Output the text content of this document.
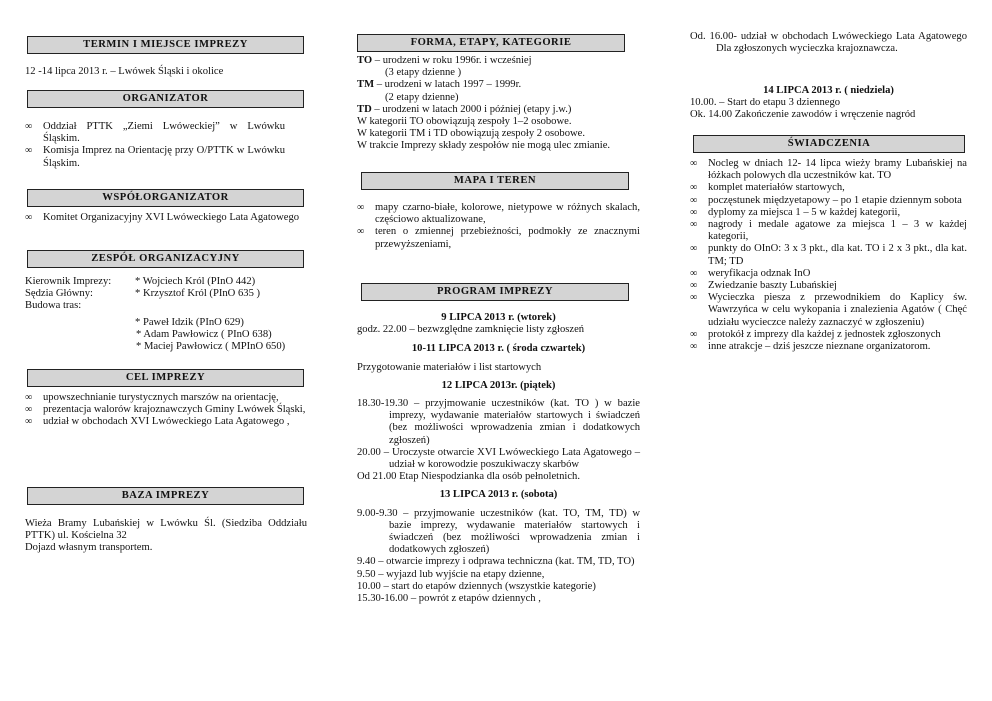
TERMIN I MIEJSCE IMPREZY
12 -14 lipca 2013 r. – Lwówek Śląski i okolice
ORGANIZATOR
∞ Oddział PTTK „Ziemi Lwóweckiej” w Lwówku Śląskim.
∞ Komisja Imprez na Orientację przy O/PTTK w Lwówku Śląskim.
WSPÓŁORGANIZATOR
∞ Komitet Organizacyjny XVI Lwóweckiego Lata Agatowego
ZESPÓŁ ORGANIZACYJNY
Kierownik Imprezy: * Wojciech Król (PInO 442)
Sędzia Główny:	* Krzysztof Król (PInO 635 )
Budowa tras:
* Paweł Idzik (PInO 629)
* Adam Pawłowicz ( PInO 638)
* Maciej Pawłowicz ( MPInO 650)
CEL IMPREZY
∞ upowszechnianie turystycznych marszów na orientację,
∞ prezentacja walorów krajoznawczych Gminy Lwówek Śląski,
∞ udział w obchodach XVI Lwóweckiego Lata Agatowego ,
BAZA IMPREZY
Wieża Bramy Lubańskiej w Lwówku Śl. (Siedziba Oddziału PTTK) ul. Kościelna 32
Dojazd własnym transportem.
FORMA, ETAPY, KATEGORIE
TO – urodzeni w roku 1996r. i wcześniej
(3 etapy dzienne )
TM – urodzeni w latach 1997 – 1999r.
(2 etapy dzienne)
TD – urodzeni w latach 2000 i później (etapy j.w.)
W kategorii TO obowiązują zespoły 1–2 osobowe.
W kategorii TM i TD obowiązują zespoły 2 osobowe.
W trakcie Imprezy składy zespołów nie mogą ulec zmianie.
MAPA I TEREN
∞ mapy czarno-białe, kolorowe, nietypowe w różnych skalach, częściowo aktualizowane,
∞ teren o zmiennej przebieżności, podmokły ze znacznymi przewyższeniami,
PROGRAM IMPREZY
9 LIPCA 2013 r. (wtorek)
godz. 22.00 – bezwzględne zamknięcie listy zgłoszeń
10-11 LIPCA 2013 r. ( środa czwartek)
Przygotowanie materiałów i list startowych
12 LIPCA 2013r. (piątek)
18.30-19.30 – przyjmowanie uczestników (kat. TO ) w bazie imprezy, wydawanie materiałów startowych i świadczeń (bez możliwości wprowadzenia zmian i dodatkowych zgłoszeń)
20.00 – Uroczyste otwarcie XVI Lwóweckiego Lata Agatowego – udział w korowodzie poszukiwaczy skarbów
Od 21.00 Etap Niespodzianka dla osób pełnoletnich.
13 LIPCA 2013 r. (sobota)
9.00-9.30 – przyjmowanie uczestników (kat. TO, TM, TD) w bazie imprezy, wydawanie materiałów startowych i świadczeń (bez możliwości wprowadzenia zmian i dodatkowych zgłoszeń)
9.40 – otwarcie imprezy i odprawa techniczna (kat. TM, TD, TO)
9.50 – wyjazd lub wyjście na etapy dzienne,
10.00 – start do etapów dziennych (wszystkie kategorie)
15.30-16.00 – powrót z etapów dziennych ,
Od. 16.00- udział w obchodach Lwóweckiego Lata Agatowego Dla zgłoszonych wycieczka krajoznawcza.
14 LIPCA 2013 r. ( niedziela)
10.00. – Start do etapu 3 dziennego
Ok. 14.00 Zakończenie zawodów i wręczenie nagród
ŚWIADCZENIA
∞ Nocleg w dniach 12- 14 lipca wieży bramy Lubańskiej na łóżkach polowych dla uczestników kat. TO
∞ komplet materiałów startowych,
∞ poczęstunek międzyetapowy – po 1 etapie dziennym sobota
∞ dyplomy za miejsca 1 – 5 w każdej kategorii,
∞ nagrody i medale agatowe za miejsca 1 – 3 w każdej kategorii,
∞ punkty do OInO: 3 x 3 pkt., dla kat. TO i 2 x 3 pkt., dla kat. TM; TD
∞ weryfikacja odznak InO
∞ Zwiedzanie baszty Lubańskiej
∞ Wycieczka piesza z przewodnikiem do Kaplicy św. Wawrzyńca w celu wykopania i znalezienia Agatów ( Chęć udziału wycieczce należy zaznaczyć w zgłoszeniu)
∞ protokół z imprezy dla każdej z jednostek zgłoszonych
∞ inne atrakcje – dziś jeszcze nieznane organizatorom.
